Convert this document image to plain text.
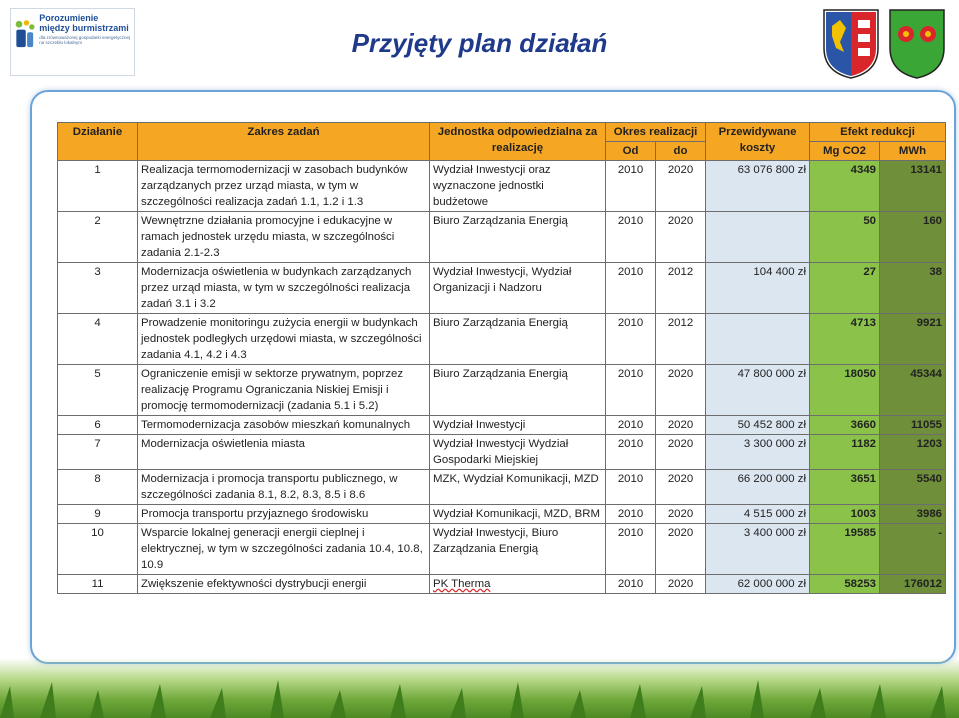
Porozumienie
między burmistrzami
dla zrównoważonej gospodarki energetycznej na szczeblu lokalnym	Przyjęty plan działań
Działanie	Zakres zadań	Jednostka odpowiedzialna za realizację	Okres realizacji		Przewidywane koszty	Efekt redukcji	
			Od	do		Mg CO2	MWh
1	Realizacja termomodernizacji w zasobach budynków zarządzanych przez urząd miasta, w tym w szczególności realizacja zadań 1.1, 1.2 i 1.3	Wydział Inwestycji oraz wyznaczone jednostki budżetowe	2010	2020	63 076 800 zł	4349	13141
2	Wewnętrzne działania promocyjne i edukacyjne w ramach jednostek urzędu miasta, w szczególności zadania 2.1-2.3	Biuro Zarządzania Energią	2010	2020		50	160
3	Modernizacja oświetlenia w budynkach zarządzanych przez urząd miasta, w tym w szczególności realizacja zadań 3.1 i 3.2	Wydział Inwestycji, Wydział Organizacji i Nadzoru	2010	2012	104 400 zł	27	38
4	Prowadzenie monitoringu zużycia energii w budynkach jednostek podległych urzędowi miasta, w szczególności zadania 4.1, 4.2 i 4.3	Biuro Zarządzania Energią	2010	2012		4713	9921
5	Ograniczenie emisji w sektorze prywatnym, poprzez realizację Programu Ograniczania Niskiej Emisji i promocję termomodernizacji (zadania 5.1 i 5.2)	Biuro Zarządzania Energią	2010	2020	47 800 000 zł	18050	45344
6	Termomodernizacja zasobów mieszkań komunalnych	Wydział Inwestycji	2010	2020	50 452 800 zł	3660	11055
7	Modernizacja oświetlenia miasta	Wydział Inwestycji Wydział Gospodarki Miejskiej	2010	2020	3 300 000 zł	1182	1203
8	Modernizacja i promocja transportu publicznego, w szczególności zadania 8.1, 8.2, 8.3, 8.5 i 8.6	MZK, Wydział Komunikacji, MZD	2010	2020	66 200 000 zł	3651	5540
9	Promocja transportu przyjaznego środowisku	Wydział Komunikacji, MZD, BRM	2010	2020	4 515 000 zł	1003	3986
10	Wsparcie lokalnej generacji energii cieplnej i elektrycznej, w tym w szczególności zadania 10.4, 10.8, 10.9	Wydział Inwestycji, Biuro Zarządzania Energią	2010	2020	3 400 000 zł	19585	-
11	Zwiększenie efektywności dystrybucji energii	PK Therma	2010	2020	62 000 000 zł	58253	176012
